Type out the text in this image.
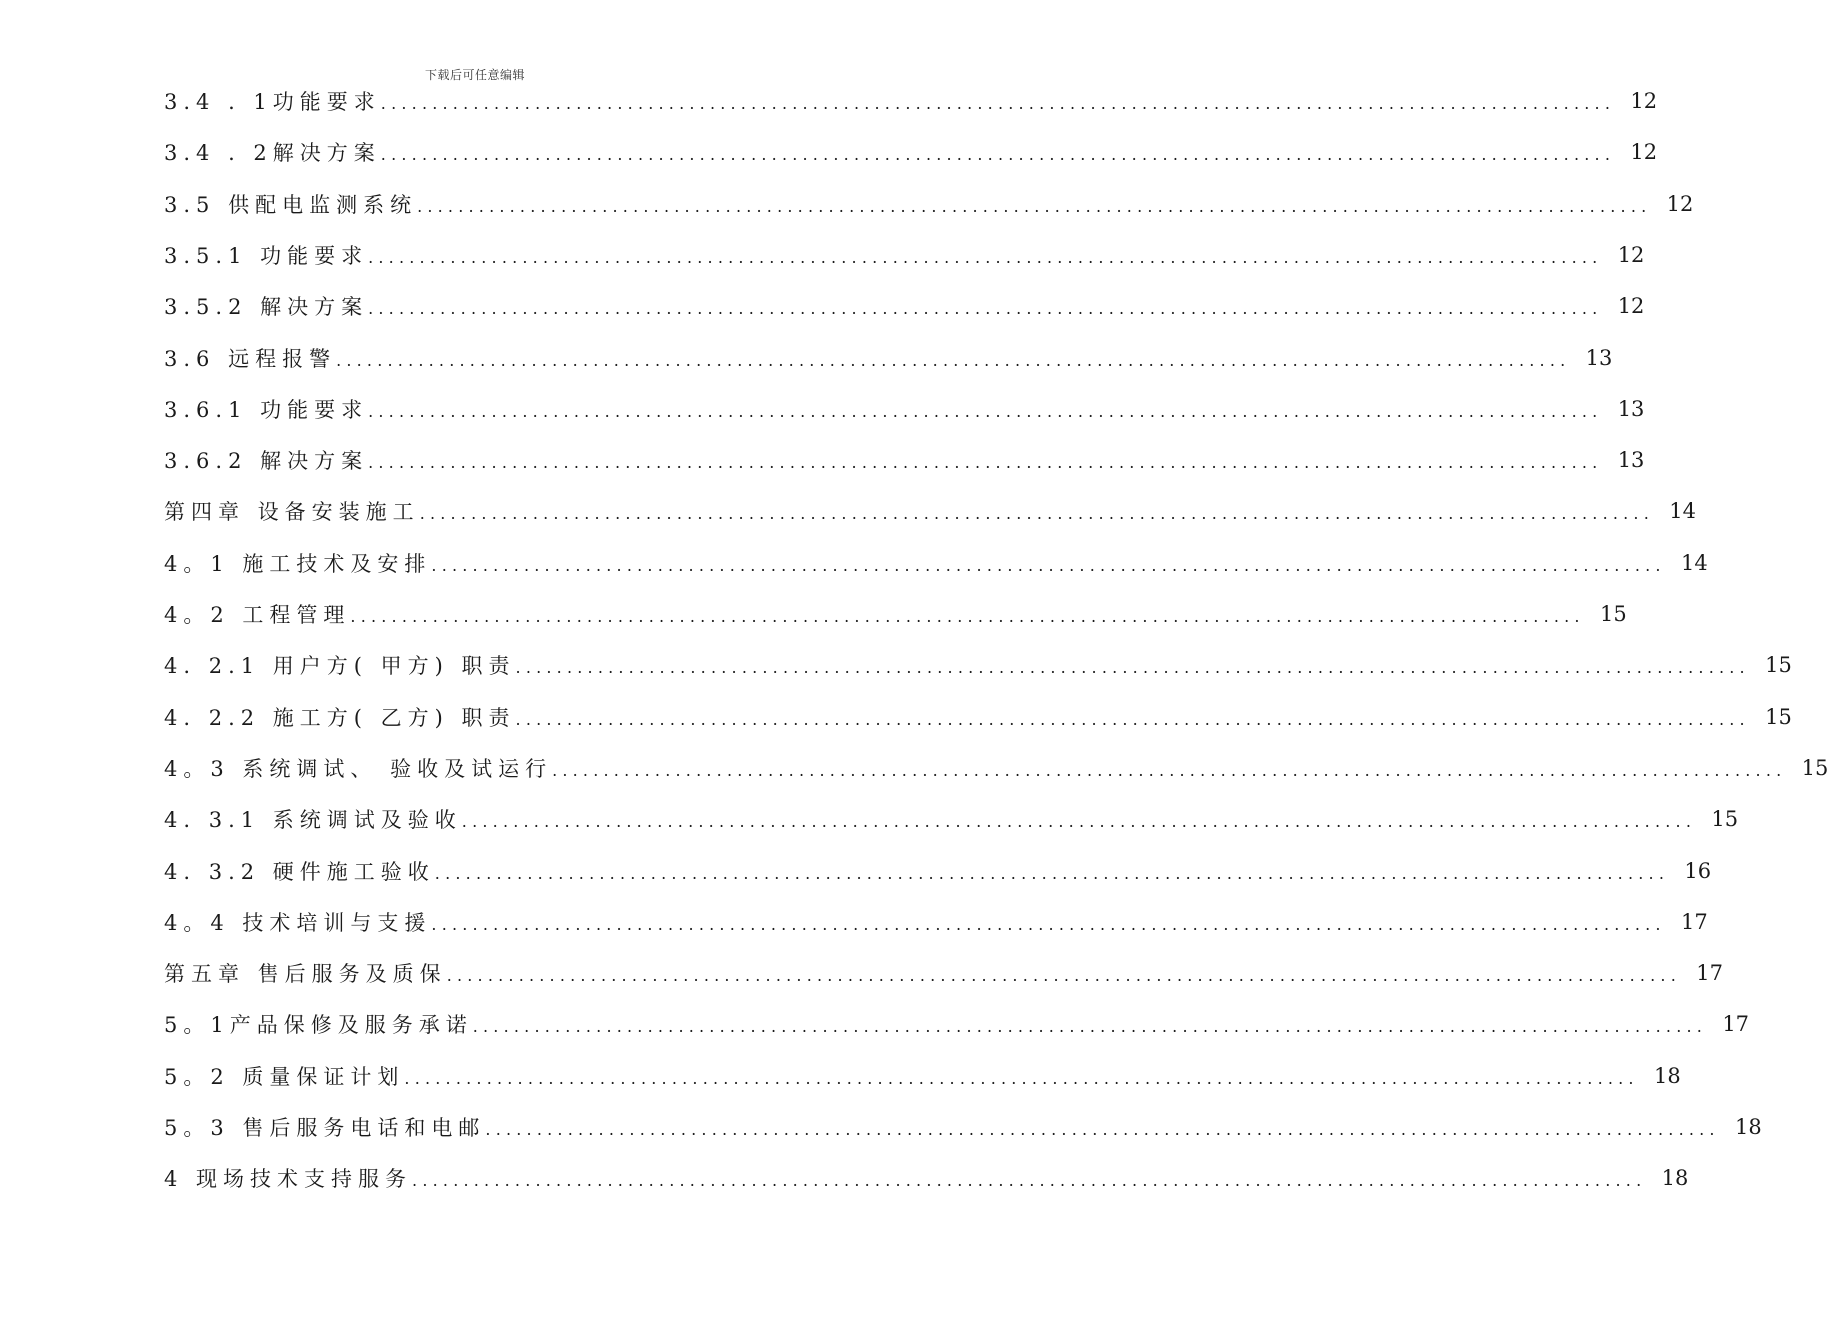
下载后可任意编辑
3.4 . 1功能要求 ........................................................................................................................ 12
3.4 . 2解决方案 ........................................................................................................................ 12
3.5 供配电监测系统 ........................................................................................................................ 12
3.5.1 功能要求 ........................................................................................................................ 12
3.5.2 解决方案 ........................................................................................................................ 12
3.6 远程报警 ........................................................................................................................ 13
3.6.1 功能要求 ........................................................................................................................ 13
3.6.2 解决方案 ........................................................................................................................ 13
第四章 设备安装施工 ........................................................................................................................ 14
4。1 施工技术及安排 ........................................................................................................................ 14
4。2 工程管理 ........................................................................................................................ 15
4. 2.1 用户方( 甲方) 职责 ........................................................................................................................ 15
4. 2.2 施工方( 乙方) 职责 ........................................................................................................................ 15
4。3 系统调试、 验收及试运行 ........................................................................................................................ 15
4. 3.1 系统调试及验收 ........................................................................................................................ 15
4. 3.2 硬件施工验收 ........................................................................................................................ 16
4。4 技术培训与支援 ........................................................................................................................ 17
第五章 售后服务及质保 ........................................................................................................................ 17
5。1产品保修及服务承诺 ........................................................................................................................ 17
5。2 质量保证计划 ........................................................................................................................ 18
5。3 售后服务电话和电邮 ........................................................................................................................ 18
4 现场技术支持服务 ........................................................................................................................ 18
